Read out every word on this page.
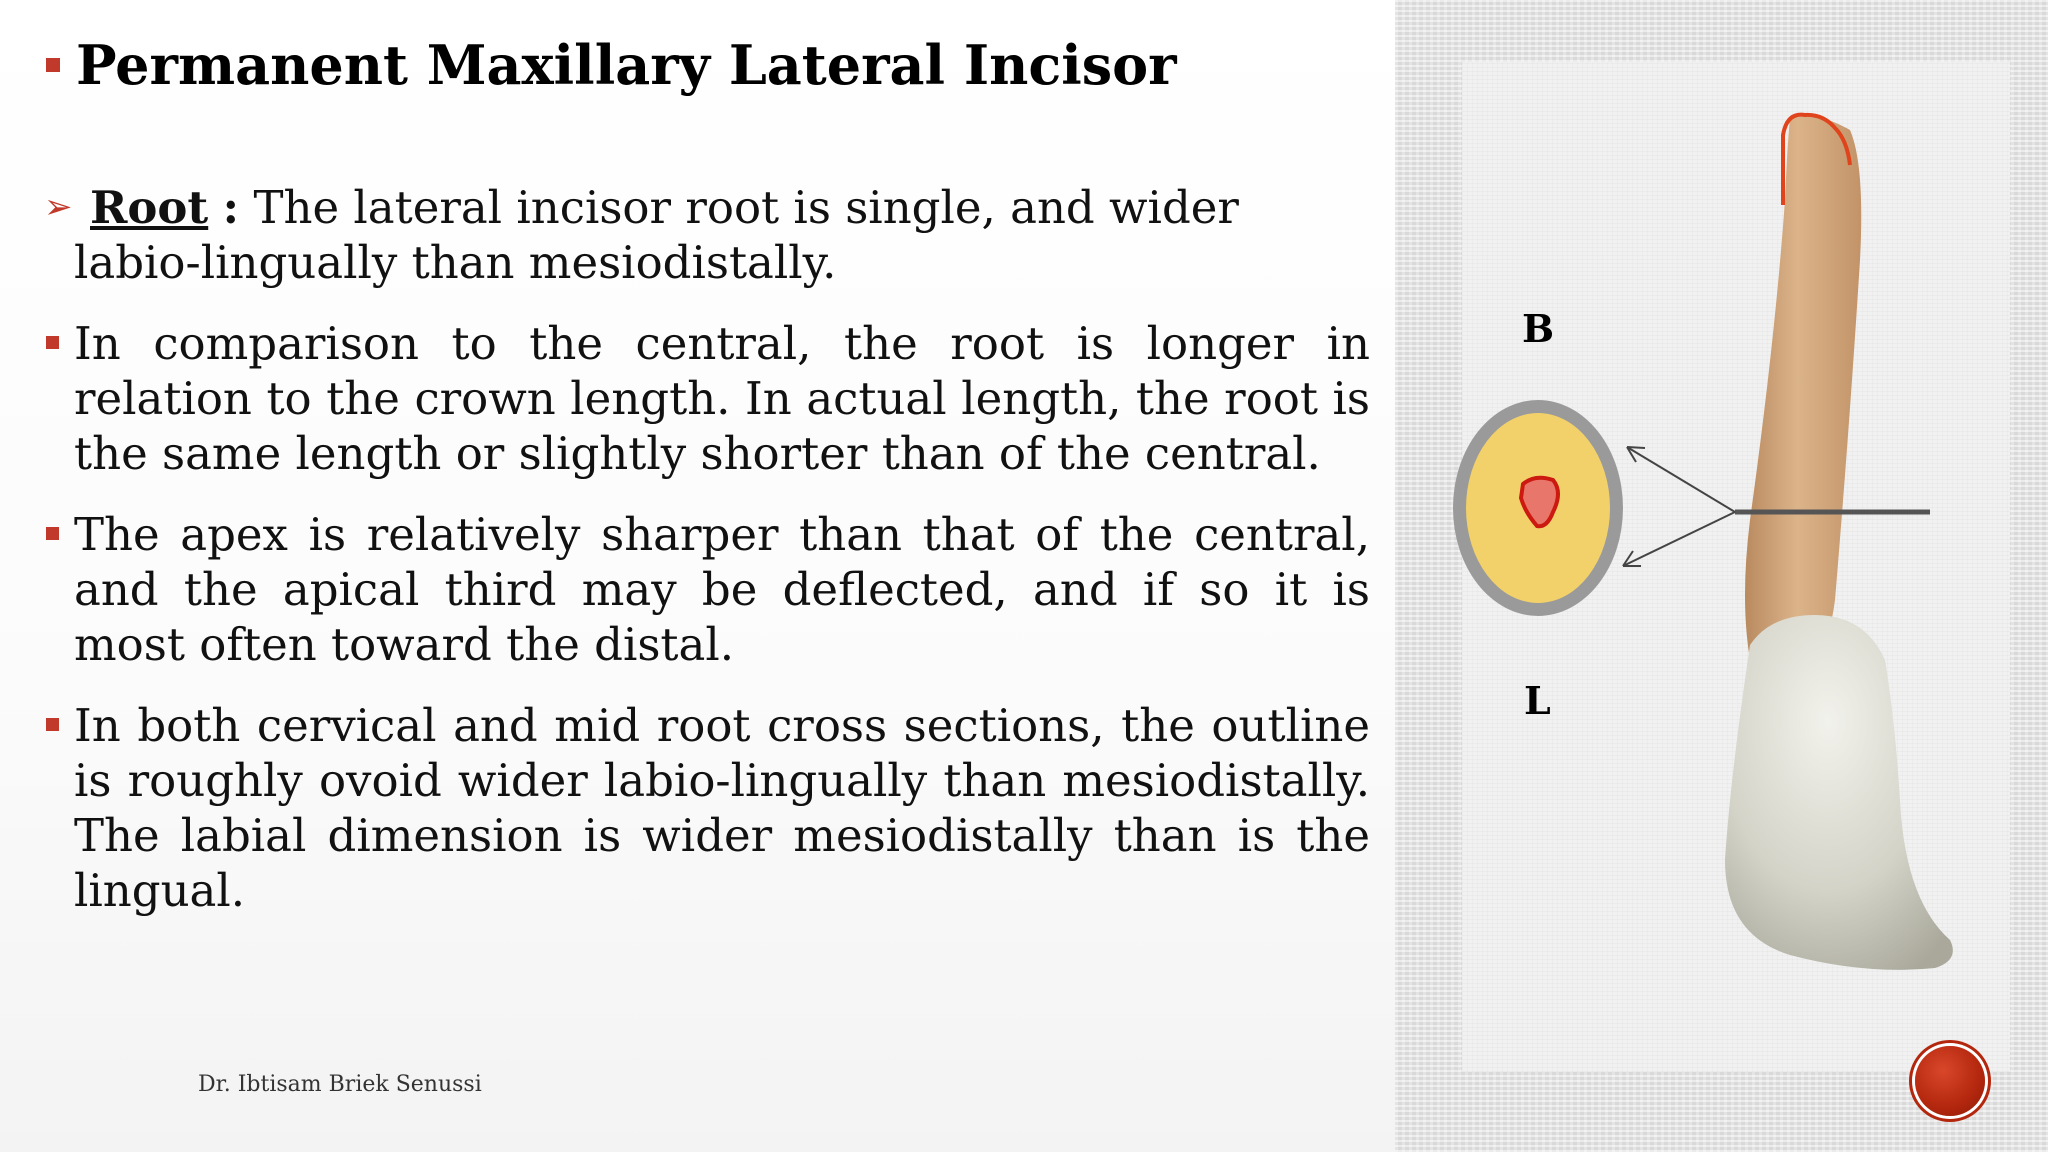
Permanent Maxillary Lateral Incisor
➢ Root : The lateral incisor root is single, and wider
labio-lingually than mesiodistally.
In comparison to the central, the root is longer in relation to the crown length. In actual length, the root is the same length or slightly shorter than of the central.
The apex is relatively sharper than that of the central, and the apical third may be deflected, and if so it is most often toward the distal.
In both cervical and mid root cross sections, the outline is roughly ovoid wider labio-lingually than mesiodistally. The labial dimension is wider mesiodistally than is the lingual.
Dr. Ibtisam Briek Senussi
B
L
